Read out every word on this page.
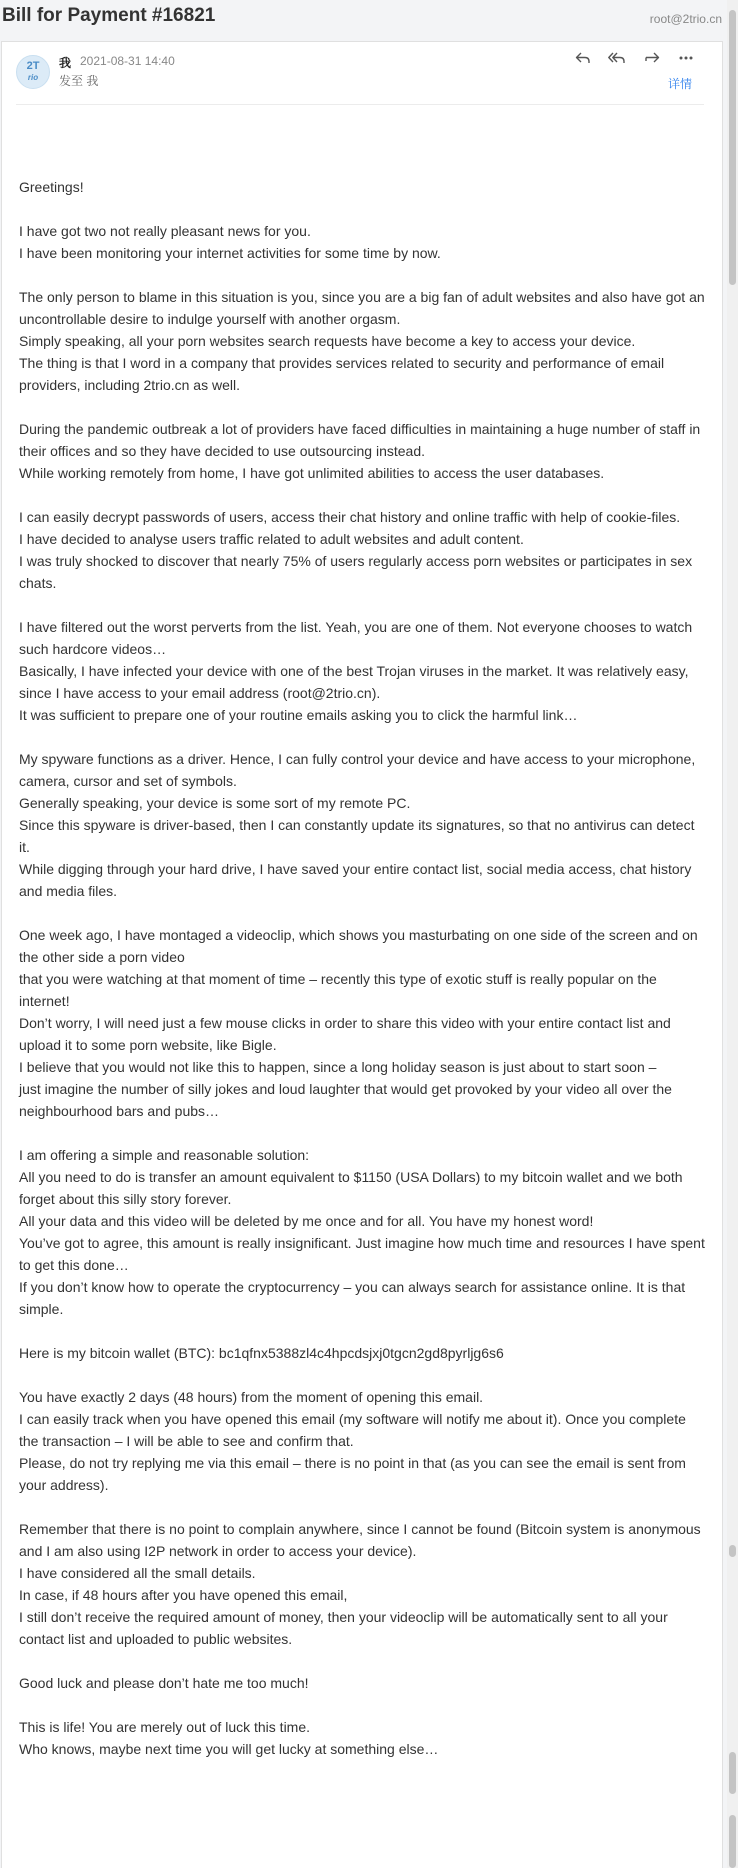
Bill for Payment #16821	root@2trio.cn
2T
rio
我 2021-08-31 14:40
发至 我
	详情

Greetings!

I have got two not really pleasant news for you.

I have been monitoring your internet activities for some time by now.

The only person to blame in this situation is you, since you are a big fan of adult websites and also have got an uncontrollable desire to indulge yourself with another orgasm.

Simply speaking, all your porn websites search requests have become a key to access your device.

The thing is that I word in a company that provides services related to security and performance of email providers, including 2trio.cn as well.

During the pandemic outbreak a lot of providers have faced difficulties in maintaining a huge number of staff in their offices and so they have decided to use outsourcing instead.

While working remotely from home, I have got unlimited abilities to access the user databases.

I can easily decrypt passwords of users, access their chat history and online traffic with help of cookie-files.

I have decided to analyse users traffic related to adult websites and adult content.

I was truly shocked to discover that nearly 75% of users regularly access porn websites or participates in sex chats.

I have filtered out the worst perverts from the list. Yeah, you are one of them. Not everyone chooses to watch such hardcore videos…

Basically, I have infected your device with one of the best Trojan viruses in the market. It was relatively easy, since I have access to your email address (root@2trio.cn).

It was sufficient to prepare one of your routine emails asking you to click the harmful link…

My spyware functions as a driver. Hence, I can fully control your device and have access to your microphone, camera, cursor and set of symbols.

Generally speaking, your device is some sort of my remote PC.

Since this spyware is driver-based, then I can constantly update its signatures, so that no antivirus can detect it.

While digging through your hard drive, I have saved your entire contact list, social media access, chat history and media files.

One week ago, I have montaged a videoclip, which shows you masturbating on one side of the screen and on the other side a porn video

that you were watching at that moment of time – recently this type of exotic stuff is really popular on the internet!

Don’t worry, I will need just a few mouse clicks in order to share this video with your entire contact list and upload it to some porn website, like Bigle.

I believe that you would not like this to happen, since a long holiday season is just about to start soon –

just imagine the number of silly jokes and loud laughter that would get provoked by your video all over the neighbourhood bars and pubs…

I am offering a simple and reasonable solution:

All you need to do is transfer an amount equivalent to $1150 (USA Dollars) to my bitcoin wallet and we both forget about this silly story forever.

All your data and this video will be deleted by me once and for all. You have my honest word!

You’ve got to agree, this amount is really insignificant. Just imagine how much time and resources I have spent to get this done…

If you don’t know how to operate the cryptocurrency – you can always search for assistance online. It is that simple.

Here is my bitcoin wallet (BTC): bc1qfnx5388zl4c4hpcdsjxj0tgcn2gd8pyrljg6s6

You have exactly 2 days (48 hours) from the moment of opening this email.

I can easily track when you have opened this email (my software will notify me about it). Once you complete the transaction – I will be able to see and confirm that.

Please, do not try replying me via this email – there is no point in that (as you can see the email is sent from your address).

Remember that there is no point to complain anywhere, since I cannot be found (Bitcoin system is anonymous and I am also using I2P network in order to access your device).

I have considered all the small details.

In case, if 48 hours after you have opened this email,

I still don’t receive the required amount of money, then your videoclip will be automatically sent to all your contact list and uploaded to public websites.

Good luck and please don’t hate me too much!

This is life! You are merely out of luck this time.

Who knows, maybe next time you will get lucky at something else…
